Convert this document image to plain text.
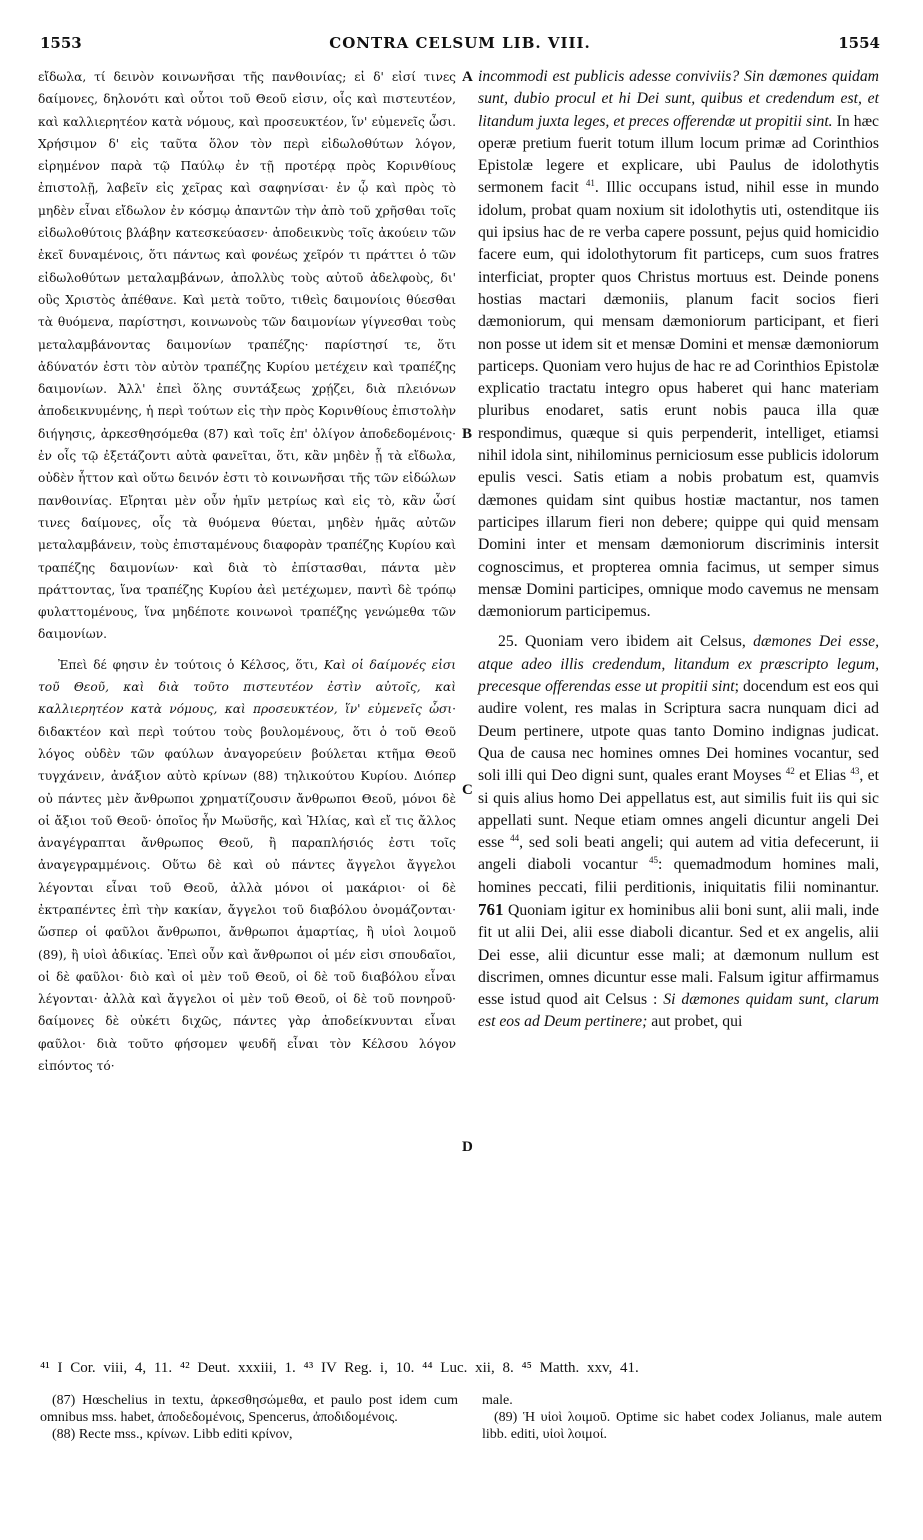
1553	CONTRA CELSUM LIB. VIII.	1554

εἴδωλα, τί δεινὸν κοινωνῆσαι τῆς πανθοινίας; εἰ δ' εἰσί τινες δαίμονες, δηλονότι καὶ οὗτοι τοῦ Θεοῦ εἰσιν, οἷς καὶ πιστευτέον, καὶ καλλιερητέον κατὰ νόμους, καὶ προσευκτέον, ἵν' εὐμενεῖς ὦσι. Χρήσιμον δ' εἰς ταῦτα ὅλον τὸν περὶ εἰδωλοθύτων λόγον, εἰρημένον παρὰ τῷ Παύλῳ ἐν τῇ προτέρᾳ πρὸς Κορινθίους ἐπιστολῇ, λαβεῖν εἰς χεῖρας καὶ σαφηνίσαι· ἐν ᾧ καὶ πρὸς τὸ μηδὲν εἶναι εἴδωλον ἐν κόσμῳ ἀπαντῶν τὴν ἀπὸ τοῦ χρῆσθαι τοῖς εἰδωλοθύτοις βλάβην κατεσκεύασεν· ἀποδεικνὺς τοῖς ἀκούειν τῶν ἐκεῖ δυναμένοις, ὅτι πάντως καὶ φονέως χεῖρόν τι πράττει ὁ τῶν εἰδωλοθύτων μεταλαμβάνων, ἀπολλὺς τοὺς αὐτοῦ ἀδελφοὺς, δι' οὓς Χριστὸς ἀπέθανε. Καὶ μετὰ τοῦτο, τιθεὶς δαιμονίοις θύεσθαι τὰ θυόμενα, παρίστησι, κοινωνοὺς τῶν δαιμονίων γίγνεσθαι τοὺς μεταλαμβάνοντας δαιμονίων τραπέζης· παρίστησί τε, ὅτι ἀδύνατόν ἐστι τὸν αὐτὸν τραπέζης Κυρίου μετέχειν καὶ τραπέζης δαιμονίων. Ἀλλ' ἐπεὶ ὅλης συντάξεως χρῄζει, διὰ πλειόνων ἀποδεικνυμένης, ἡ περὶ τούτων εἰς τὴν πρὸς Κορινθίους ἐπιστολὴν διήγησις, ἀρκεσθησόμεθα (87) καὶ τοῖς ἐπ' ὀλίγον ἀποδεδομένοις· ἐν οἷς τῷ ἐξετάζοντι αὐτὰ φανεῖται, ὅτι, κἂν μηδὲν ᾖ τὰ εἴδωλα, οὐδὲν ἧττον καὶ οὕτω δεινόν ἐστι τὸ κοινωνῆσαι τῆς τῶν εἰδώλων πανθοινίας. Εἴρηται μὲν οὖν ἡμῖν μετρίως καὶ εἰς τὸ, κἂν ὦσί τινες δαίμονες, οἷς τὰ θυόμενα θύεται, μηδὲν ἡμᾶς αὐτῶν μεταλαμβάνειν, τοὺς ἐπισταμένους διαφορὰν τραπέζης Κυρίου καὶ τραπέζης δαιμονίων· καὶ διὰ τὸ ἐπίστασθαι, πάντα μὲν πράττοντας, ἵνα τραπέζης Κυρίου ἀεὶ μετέχωμεν, παντὶ δὲ τρόπῳ φυλαττομένους, ἵνα μηδέποτε κοινωνοὶ τραπέζης γενώμεθα τῶν δαιμονίων.

Ἐπεὶ δέ φησιν ἐν τούτοις ὁ Κέλσος, ὅτι, Καὶ οἱ δαίμονές εἰσι τοῦ Θεοῦ, καὶ διὰ τοῦτο πιστευτέον ἐστὶν αὐτοῖς, καὶ καλλιερητέον κατὰ νόμους, καὶ προσευκτέον, ἵν' εὐμενεῖς ὦσι· διδακτέον καὶ περὶ τούτου τοὺς βουλομένους, ὅτι ὁ τοῦ Θεοῦ λόγος οὐδὲν τῶν φαύλων ἀναγορεύειν βούλεται κτῆμα Θεοῦ τυγχάνειν, ἀνάξιον αὐτὸ κρίνων (88) τηλικούτου Κυρίου. Διόπερ οὐ πάντες μὲν ἄνθρωποι χρηματίζουσιν ἄνθρωποι Θεοῦ, μόνοι δὲ οἱ ἄξιοι τοῦ Θεοῦ· ὁποῖος ἦν Μωϋσῆς, καὶ Ἠλίας, καὶ εἴ τις ἄλλος ἀναγέγραπται ἄνθρωπος Θεοῦ, ἢ παραπλήσιός ἐστι τοῖς ἀναγεγραμμένοις. Οὕτω δὲ καὶ οὐ πάντες ἄγγελοι ἄγγελοι λέγονται εἶναι τοῦ Θεοῦ, ἀλλὰ μόνοι οἱ μακάριοι· οἱ δὲ ἐκτραπέντες ἐπὶ τὴν κακίαν, ἄγγελοι τοῦ διαβόλου ὀνομάζονται· ὥσπερ οἱ φαῦλοι ἄνθρωποι, ἄνθρωποι ἁμαρτίας, ἢ υἱοὶ λοιμοῦ (89), ἢ υἱοὶ ἀδικίας. Ἐπεὶ οὖν καὶ ἄνθρωποι οἱ μέν εἰσι σπουδαῖοι, οἱ δὲ φαῦλοι· διὸ καὶ οἱ μὲν τοῦ Θεοῦ, οἱ δὲ τοῦ διαβόλου εἶναι λέγονται· ἀλλὰ καὶ ἄγγελοι οἱ μὲν τοῦ Θεοῦ, οἱ δὲ τοῦ πονηροῦ· δαίμονες δὲ οὐκέτι διχῶς, πάντες γὰρ ἀποδείκνυνται εἶναι φαῦλοι· διὰ τοῦτο φήσομεν ψευδῆ εἶναι τὸν Κέλσου λόγον εἰπόντος τό·

A
B
C
D

incommodi est publicis adesse conviviis? Sin dæmones quidam sunt, dubio procul et hi Dei sunt, quibus et credendum est, et litandum juxta leges, et preces offerendæ ut propitii sint. In hæc operæ pretium fuerit totum illum locum primæ ad Corinthios Epistolæ legere et explicare, ubi Paulus de idolothytis sermonem facit $^{41}$. Illic occupans istud, nihil esse in mundo idolum, probat quam noxium sit idolothytis uti, ostenditque iis qui ipsius hac de re verba capere possunt, pejus quid homicidio facere eum, qui idolothytorum fit particeps, cum suos fratres interficiat, propter quos Christus mortuus est. Deinde ponens hostias mactari dæmoniis, planum facit socios fieri dæmoniorum, qui mensam dæmoniorum participant, et fieri non posse ut idem sit et mensæ Domini et mensæ dæmoniorum particeps. Quoniam vero hujus de hac re ad Corinthios Epistolæ explicatio tractatu integro opus haberet qui hanc materiam pluribus enodaret, satis erunt nobis pauca illa quæ respondimus, quæque si quis perpenderit, intelliget, etiamsi nihil idola sint, nihilominus perniciosum esse publicis idolorum epulis vesci. Satis etiam a nobis probatum est, quamvis dæmones quidam sint quibus hostiæ mactantur, nos tamen participes illarum fieri non debere; quippe qui quid mensam Domini inter et mensam dæmoniorum discriminis intersit cognoscimus, et propterea omnia facimus, ut semper simus mensæ Domini participes, omnique modo cavemus ne mensam dæmoniorum participemus.

25. Quoniam vero ibidem ait Celsus, dæmones Dei esse, atque adeo illis credendum, litandum ex præscripto legum, precesque offerendas esse ut propitii sint; docendum est eos qui audire volent, res malas in Scriptura sacra nunquam dici ad Deum pertinere, utpote quas tanto Domino indignas judicat. Qua de causa nec homines omnes Dei homines vocantur, sed soli illi qui Deo digni sunt, quales erant Moyses $^{42}$ et Elias $^{43}$, et si quis alius homo Dei appellatus est, aut similis fuit iis qui sic appellati sunt. Neque etiam omnes angeli dicuntur angeli Dei esse $^{44}$, sed soli beati angeli; qui autem ad vitia defecerunt, ii angeli diaboli vocantur $^{45}$: quemadmodum homines mali, homines peccati, filii perditionis, iniquitatis filii nominantur. 761 Quoniam igitur ex hominibus alii boni sunt, alii mali, inde fit ut alii Dei, alii esse diaboli dicantur. Sed et ex angelis, alii Dei esse, alii dicuntur esse mali; at dæmonum nullum est discrimen, omnes dicuntur esse mali. Falsum igitur affirmamus esse istud quod ait Celsus : Si dæmones quidam sunt, clarum est eos ad Deum pertinere; aut probet, qui

⁴¹ I Cor. viii, 4, 11. ⁴² Deut. xxxiii, 1. ⁴³ IV Reg. i, 10. ⁴⁴ Luc. xii, 8. ⁴⁵ Matth. xxv, 41.

(87) Hœschelius in textu, ἀρκεσθησώμεθα, et paulo post idem cum omnibus mss. habet, ἀποδεδομένοις, Spencerus, ἀποδιδομένοις.

(88) Recte mss., κρίνων. Libb editi κρίνον,

male.

(89) Ἡ υἱοὶ λοιμοῦ. Optime sic habet codex Jolianus, male autem libb. editi, υἱοὶ λοιμοί.
